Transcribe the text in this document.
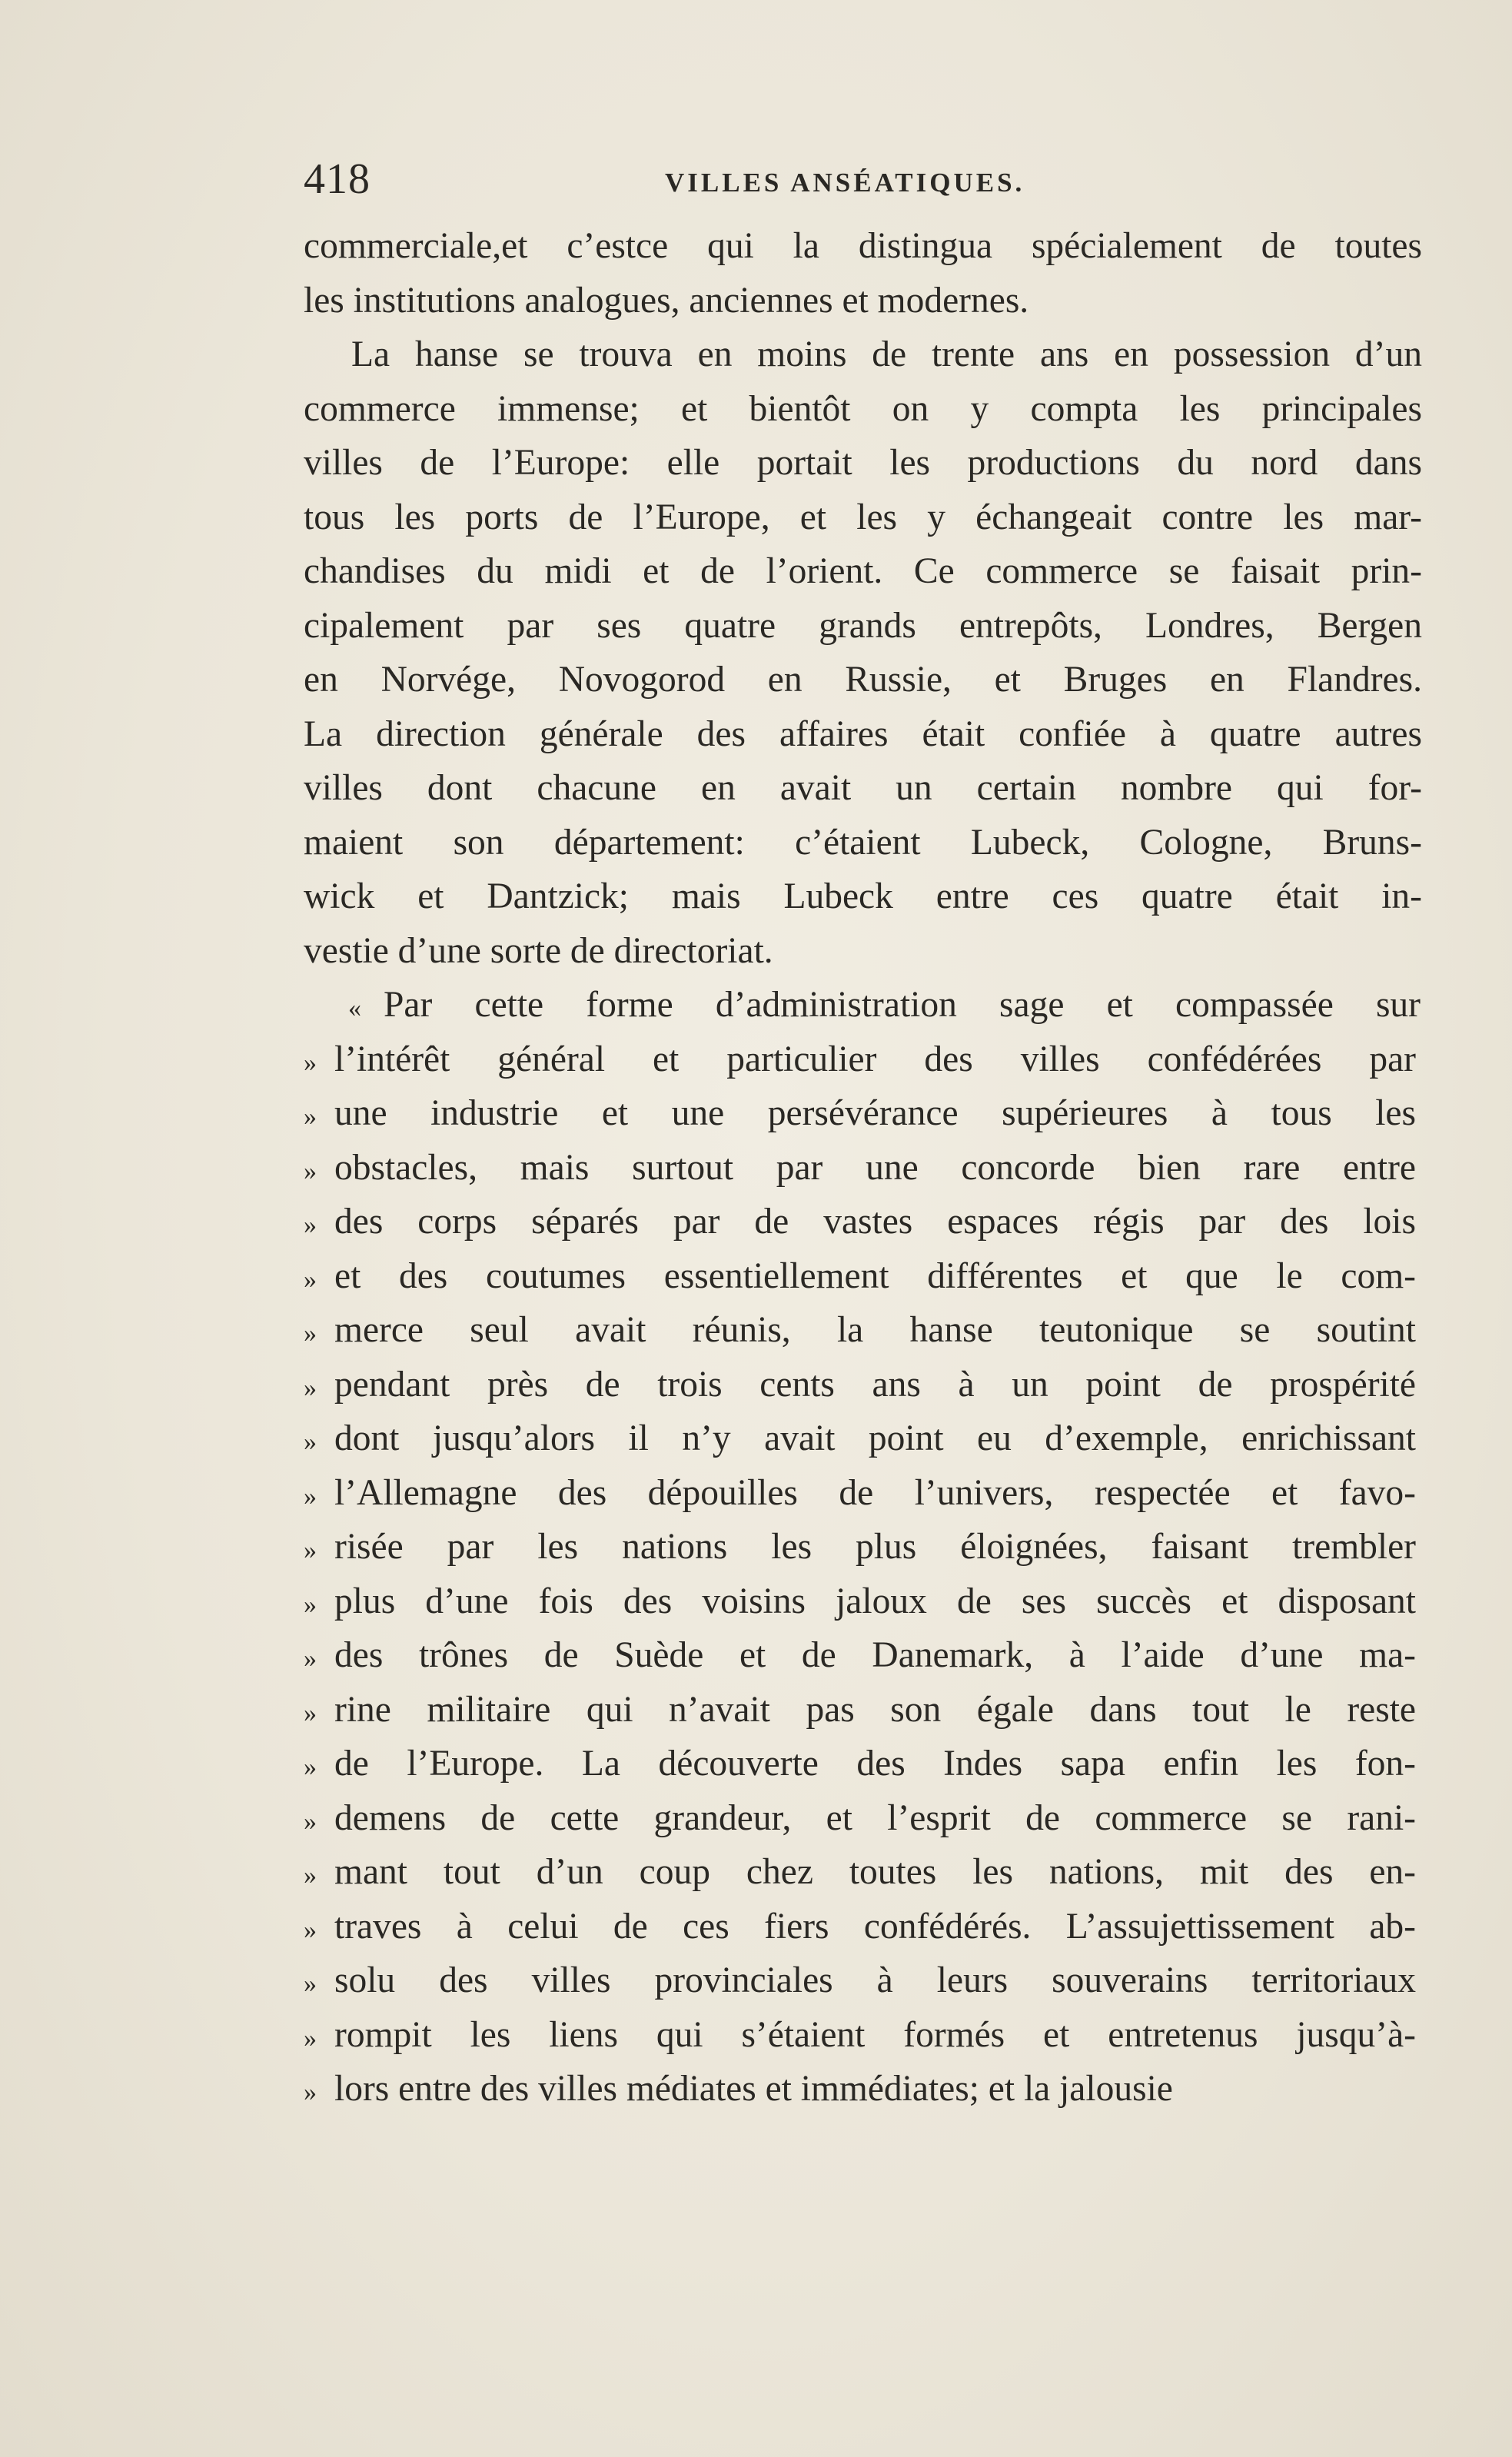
418	VILLES ANSÉATIQUES.
commerciale,et c’estce qui la distingua spécialement de toutes
les institutions analogues, anciennes et modernes.
La hanse se trouva en moins de trente ans en possession d’un
commerce immense; et bientôt on y compta les principales
villes de l’Europe: elle portait les productions du nord dans
tous les ports de l’Europe, et les y échangeait contre les mar-
chandises du midi et de l’orient. Ce commerce se faisait prin-
cipalement par ses quatre grands entrepôts, Londres, Bergen
en Norvége, Novogorod en Russie, et Bruges en Flandres.
La direction générale des affaires était confiée à quatre autres
villes dont chacune en avait un certain nombre qui for-
maient son département: c’étaient Lubeck, Cologne, Bruns-
wick et Dantzick; mais Lubeck entre ces quatre était in-
vestie d’une sorte de directoriat.
« Par cette forme d’administration sage et compassée sur
» l’intérêt général et particulier des villes confédérées par
» une industrie et une persévérance supérieures à tous les
» obstacles, mais surtout par une concorde bien rare entre
» des corps séparés par de vastes espaces régis par des lois
» et des coutumes essentiellement différentes et que le com-
» merce seul avait réunis, la hanse teutonique se soutint
» pendant près de trois cents ans à un point de prospérité
» dont jusqu’alors il n’y avait point eu d’exemple, enrichissant
» l’Allemagne des dépouilles de l’univers, respectée et favo-
» risée par les nations les plus éloignées, faisant trembler
» plus d’une fois des voisins jaloux de ses succès et disposant
» des trônes de Suède et de Danemark, à l’aide d’une ma-
» rine militaire qui n’avait pas son égale dans tout le reste
» de l’Europe. La découverte des Indes sapa enfin les fon-
» demens de cette grandeur, et l’esprit de commerce se rani-
» mant tout d’un coup chez toutes les nations, mit des en-
» traves à celui de ces fiers confédérés. L’assujettissement ab-
» solu des villes provinciales à leurs souverains territoriaux
» rompit les liens qui s’étaient formés et entretenus jusqu’à-
» lors entre des villes médiates et immédiates; et la jalousie
